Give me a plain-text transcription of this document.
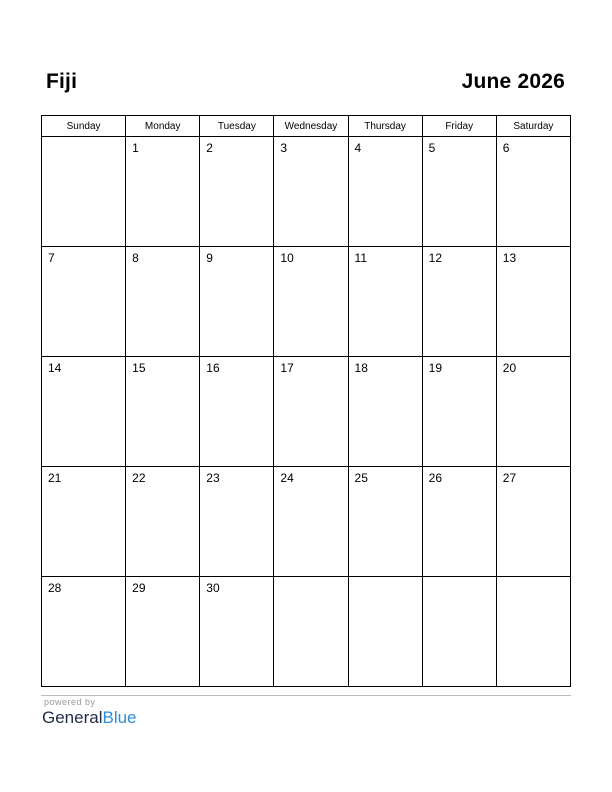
Fiji	June 2026
Sunday	Monday	Tuesday	Wednesday	Thursday	Friday	Saturday

	1	2	3	4	5	6

7	8	9	10	11	12	13

14	15	16	17	18	19	20

21	22	23	24	25	26	27

28	29	30				

powered by
GeneralBlue
